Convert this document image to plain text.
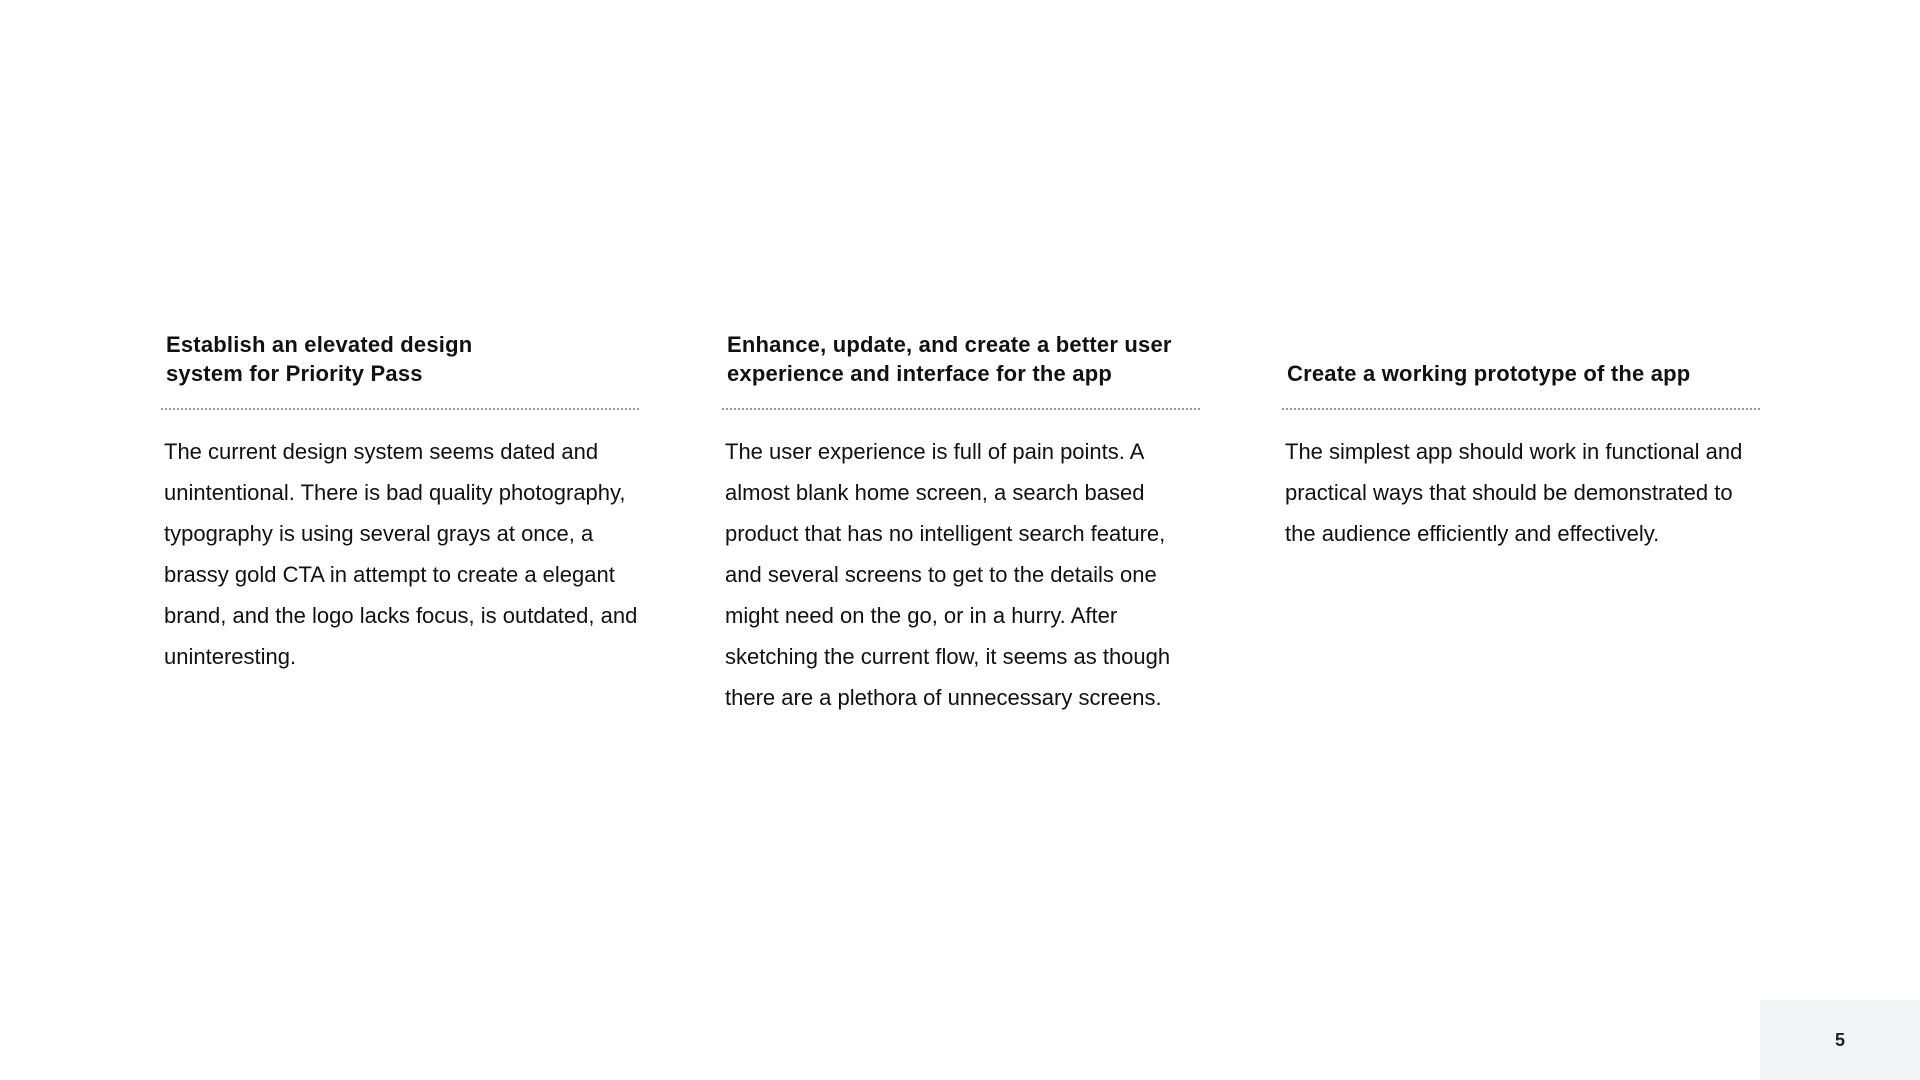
Establish an elevated design system for Priority Pass

The current design system seems dated and unintentional. There is bad quality photography, typography is using several grays at once, a brassy gold CTA in attempt to create a elegant brand, and the logo lacks focus, is outdated, and uninteresting.

Enhance, update, and create a better user experience and interface for the app

The user experience is full of pain points. A almost blank home screen, a search based product that has no intelligent search feature, and several screens to get to the details one might need on the go, or in a hurry. After sketching the current flow, it seems as though there are a plethora of unnecessary screens.

Create a working prototype of the app

The simplest app should work in functional and practical ways that should be demonstrated to the audience efficiently and effectively.

5
